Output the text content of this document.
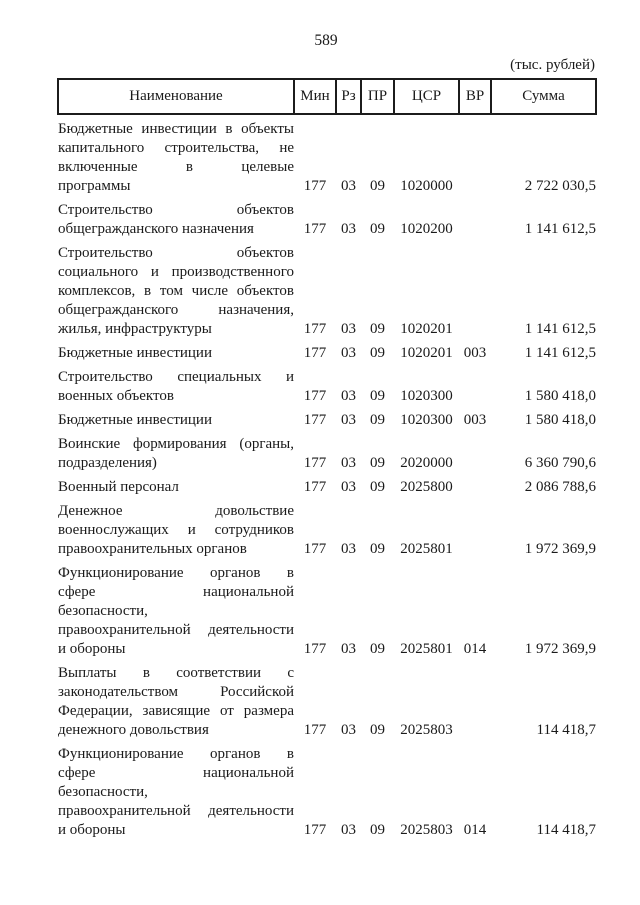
589
(тыс. рублей)
Наименование	Мин	Рз	ПР	ЦСР	ВР	Сумма

Бюджетные инвестиции в объекты
капитального строительства, не
включенные в целевые
программы	177	03	09	1020000		2 722 030,5

Строительство объектов
общегражданского назначения	177	03	09	1020200		1 141 612,5

Строительство объектов
социального и производственного
комплексов, в том числе объектов
общегражданского назначения,
жилья, инфраструктуры	177	03	09	1020201		1 141 612,5

Бюджетные инвестиции	177	03	09	1020201	003	1 141 612,5

Строительство специальных и
военных объектов	177	03	09	1020300		1 580 418,0

Бюджетные инвестиции	177	03	09	1020300	003	1 580 418,0

Воинские формирования (органы,
подразделения)	177	03	09	2020000		6 360 790,6

Военный персонал	177	03	09	2025800		2 086 788,6

Денежное довольствие
военнослужащих и сотрудников
правоохранительных органов	177	03	09	2025801		1 972 369,9

Функционирование органов в
сфере национальной
безопасности,
правоохранительной деятельности
и обороны	177	03	09	2025801	014	1 972 369,9

Выплаты в соответствии с
законодательством Российской
Федерации, зависящие от размера
денежного довольствия	177	03	09	2025803		114 418,7

Функционирование органов в
сфере национальной
безопасности,
правоохранительной деятельности
и обороны	177	03	09	2025803	014	114 418,7
